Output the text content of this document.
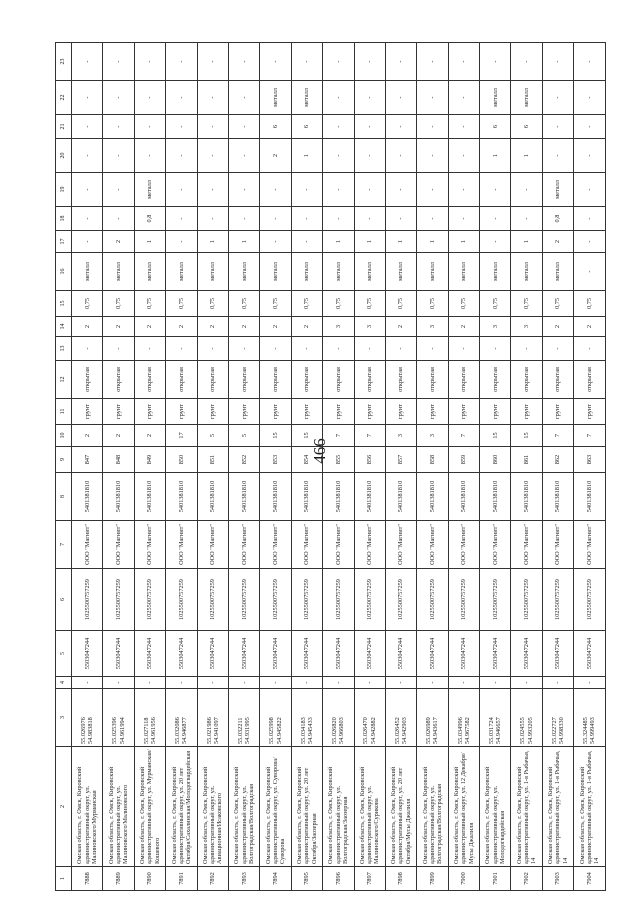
466
1	2	3	4	5	6	7	8	9	10	11	12	13	14	15	16	17	18	19	20	21	22	23
7888	Омская область, г. Омск, Кировский административный округ, ул. Малиновского/Мурманская	55.026976 54.983818	-	5503047244	1025500757259	ООО "Магнит"	5401381810	847	2	грунт	открытая	-	2	0,75	металл	-	-	-	-	-	-	-
7889	Омская область, г. Омск, Кировский административный округ, ул. Малиновского/Малиновского	55.025396 54.961994	-	5503047244	1025500757259	ООО "Магнит"	5401381810	848	2	грунт	открытая	-	2	0,75	металл	2	-	-	-	-	-	-
7890	Омская область, г. Омск, Кировский административный округ, ул. Мурманская/Кошевого	55.027118 54.961956	-	5503047244	1025500757259	ООО "Магнит"	5401381810	849	2	грунт	открытая	-	2	0,75	металл	1	0,8	металл	-	-	-	-
7891	Омская область, г. Омск, Кировский административный округ, ул. 20 лет Октября/Сахалинская/Молодогвардейская	55.032086 54.946877	-	5503047244	1025500757259	ООО "Магнит"	5401381810	850	17	грунт	открытая	-	2	0,75	металл	-	-	-	-	-	-	-
7892	Омская область, г. Омск, Кировский административный округ, ул. Авиационная/Исаковского	55.021986 54.941097	-	5503047244	1025500757259	ООО "Магнит"	5401381810	851	5	грунт	открытая	-	2	0,75	металл	1	-	-	-	-	-	-
7893	Омская область, г. Омск, Кировский административный округ, ул. Волгоградская/Волгоградская	55.032211 54.931995	-	5503047244	1025500757259	ООО "Магнит"	5401381810	852	5	грунт	открытая	-	2	0,75	металл	1	-	-	-	-	-	-
7894	Омская область, г. Омск, Кировский административный округ, ул. Суворова/Суворова	55.025998 54.945822	-	5503047244	1025500757259	ООО "Магнит"	5401381810	853	15	грунт	открытая	-	2	0,75	металл	-	-	-	2	6	металл	-
7895	Омская область, г. Омск, Кировский административный округ, ул. 20 лет Октября/Заозерная	55.034183 54.945433	-	5503047244	1025500757259	ООО "Магнит"	5401381810	854	15	грунт	открытая	-	2	0,75	металл	-	-	-	1	6	металл	-
7896	Омская область, г. Омск, Кировский административный округ, ул. Волгоградская/Заозерная	55.026820 54.966803	-	5503047244	1025500757259	ООО "Магнит"	5401381810	855	7	грунт	открытая	-	3	0,75	металл	1	-	-	-	-	-	-
7897	Омская область, г. Омск, Кировский административный округ, ул. Малиновского/Сурикова	55.026470 54.942882	-	5503047244	1025500757259	ООО "Магнит"	5401381810	856	7	грунт	открытая	-	3	0,75	металл	1	-	-	-	-	-	-
7898	Омская область, г. Омск, Кировский административный округ, ул. 20 лет Октября/Мусы Джалиля	55.026452 54.942903	-	5503047244	1025500757259	ООО "Магнит"	5401381810	857	3	грунт	открытая	-	2	0,75	металл	1	-	-	-	-	-	-
7899	Омская область, г. Омск, Кировский административный округ, ул. Волгоградская/Волгоградская	55.026989 54.943617	-	5503047244	1025500757259	ООО "Магнит"	5401381810	858	3	грунт	открытая	-	3	0,75	металл	1	-	-	-	-	-	-
7900	Омская область, г. Омск, Кировский административный округ, ул. 12 Декабря/Мусы Джалиля	55.034996 54.967582	-	5503047244	1025500757259	ООО "Магнит"	5401381810	859	7	грунт	открытая	-	2	0,75	металл	1	-	-	-	-	-	-
7901	Омская область, г. Омск, Кировский административный округ, ул. Молодогвардейская	55.031724 54.946657	-	5503047244	1025500757259	ООО "Магнит"	5401381810	860	15	грунт	открытая	-	3	0,75	металл	-	-	-	1	6	металл	-
7902	Омская область, г. Омск, Кировский административный округ, ул. 1-я Рыбачья, 14	55.024555 54.993205	-	5503047244	1025500757259	ООО "Магнит"	5401381810	861	15	грунт	открытая	-	3	0,75	металл	1	-	-	1	6	металл	-
7903	Омская область, г. Омск, Кировский административный округ, ул. 1-я Рыбачья, 14	55.022727 54.998330	-	5503047244	1025500757259	ООО "Магнит"	5401381810	862	7	грунт	открытая	-	2	0,75	металл	2	0,8	металл	-	-	-	-
7904	Омская область, г. Омск, Кировский административный округ, ул. 1-я Рыбачья, 14	55.324485 54.999493	-	5503047244	1025500757259	ООО "Магнит"	5401381810	863	7	грунт	открытая	-	2	0,75	-	-	-	-	-	-	-	-
